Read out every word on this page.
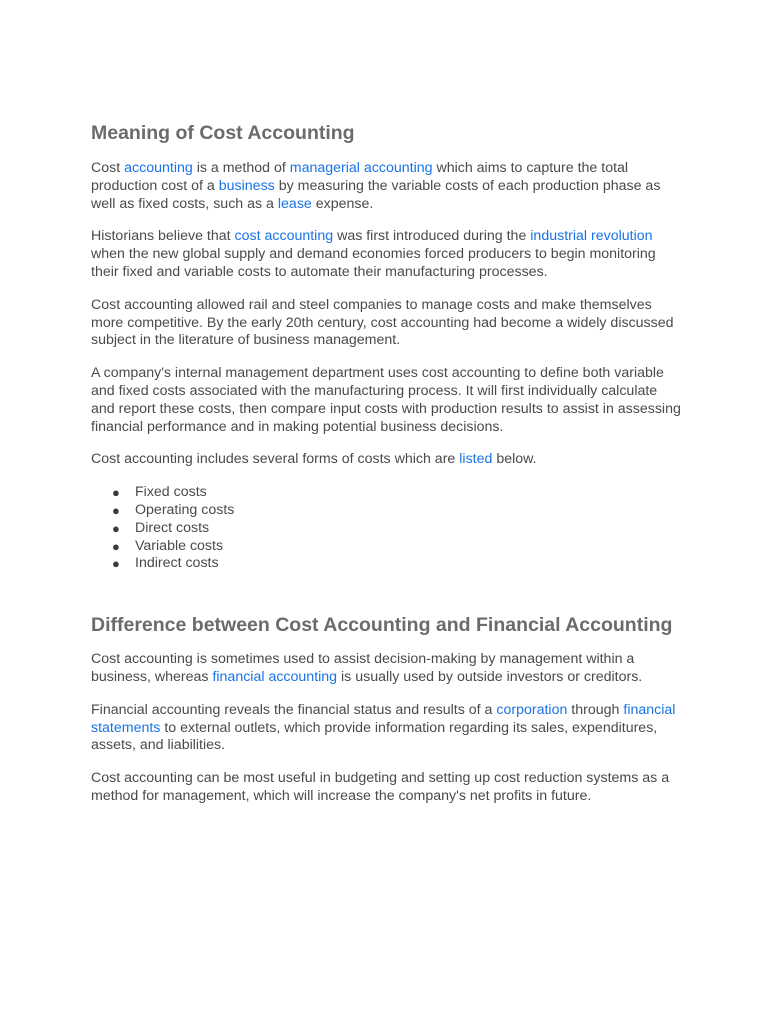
Meaning of Cost Accounting

Cost accounting is a method of managerial accounting which aims to capture the total production cost of a business by measuring the variable costs of each production phase as well as fixed costs, such as a lease expense.

Historians believe that cost accounting was first introduced during the industrial revolution when the new global supply and demand economies forced producers to begin monitoring their fixed and variable costs to automate their manufacturing processes.

Cost accounting allowed rail and steel companies to manage costs and make themselves more competitive. By the early 20th century, cost accounting had become a widely discussed subject in the literature of business management.

A company's internal management department uses cost accounting to define both variable and fixed costs associated with the manufacturing process. It will first individually calculate and report these costs, then compare input costs with production results to assist in assessing financial performance and in making potential business decisions.

Cost accounting includes several forms of costs which are listed below.

● Fixed costs
● Operating costs
● Direct costs
● Variable costs
● Indirect costs
Difference between Cost Accounting and Financial Accounting

Cost accounting is sometimes used to assist decision-making by management within a business, whereas financial accounting is usually used by outside investors or creditors.

Financial accounting reveals the financial status and results of a corporation through financial statements to external outlets, which provide information regarding its sales, expenditures, assets, and liabilities.

Cost accounting can be most useful in budgeting and setting up cost reduction systems as a method for management, which will increase the company's net profits in future.
